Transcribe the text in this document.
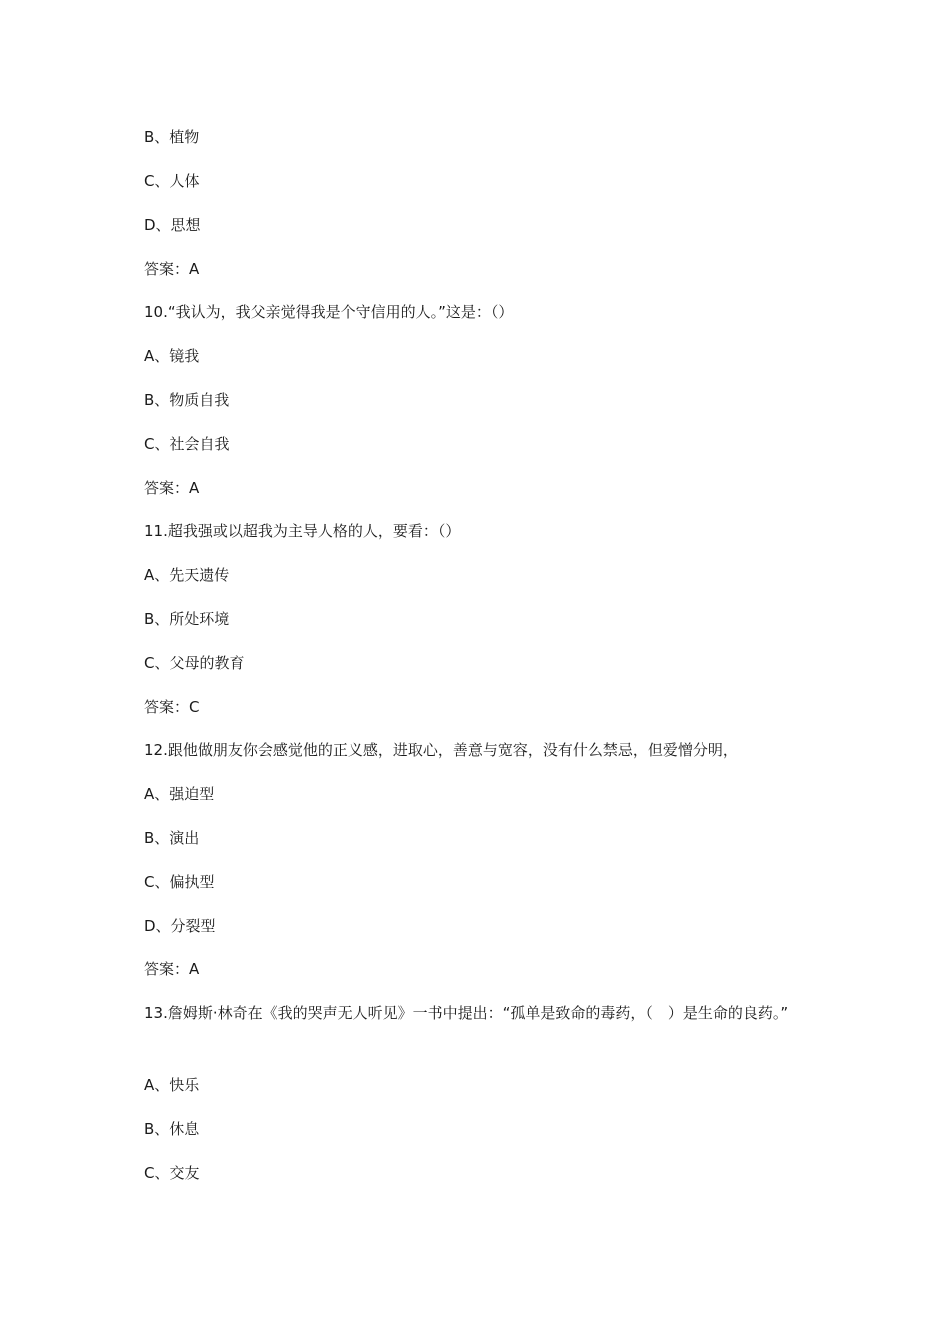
B、植物
C、人体
D、思想
答案：A
10.“我认为，我父亲觉得我是个守信用的人。”这是：（）
A、镜我
B、物质自我
C、社会自我
答案：A
11.超我强或以超我为主导人格的人，要看：（）
A、先天遗传
B、所处环境
C、父母的教育
答案：C
12.跟他做朋友你会感觉他的正义感，进取心，善意与宽容，没有什么禁忌，但爱憎分明，
A、强迫型
B、演出
C、偏执型
D、分裂型
答案：A
13.詹姆斯·林奇在《我的哭声无人听见》一书中提出：“孤单是致命的毒药，（　）是生命的良药。”
A、快乐
B、休息
C、交友
